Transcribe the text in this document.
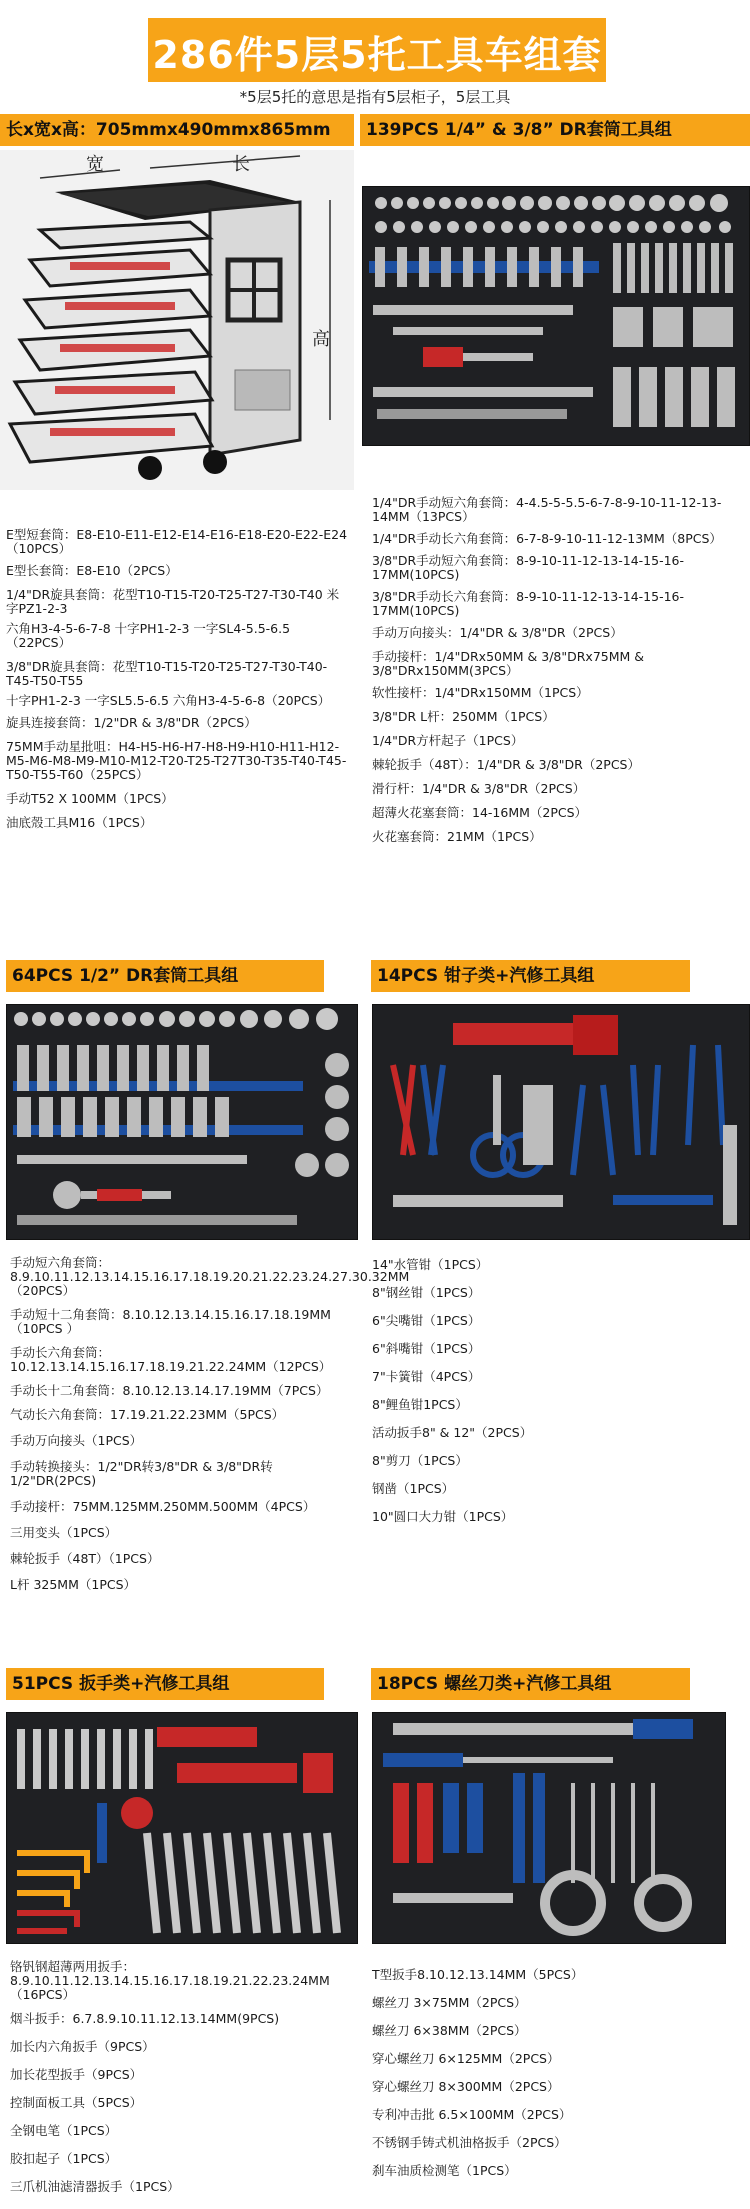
286件5层5托工具车组套
*5层5托的意思是指有5层柜子，5层工具
长x宽x高：705mmx490mmx865mm
宽	长
高
139PCS 1/4” & 3/8” DR套筒工具组
E型短套筒：E8-E10-E11-E12-E14-E16-E18-E20-E22-E24（10PCS）
E型长套筒：E8-E10（2PCS）
1/4"DR旋具套筒：花型T10-T15-T20-T25-T27-T30-T40 米字PZ1-2-3
六角H3-4-5-6-7-8 十字PH1-2-3 一字SL4-5.5-6.5 （22PCS）
3/8"DR旋具套筒：花型T10-T15-T20-T25-T27-T30-T40-T45-T50-T55
十字PH1-2-3 一字SL5.5-6.5 六角H3-4-5-6-8（20PCS）
旋具连接套筒：1/2"DR & 3/8"DR（2PCS）
75MM手动星批咀：H4-H5-H6-H7-H8-H9-H10-H11-H12-M5-M6-M8-M9-M10-M12-T20-T25-T27T30-T35-T40-T45-T50-T55-T60（25PCS）
手动T52 X 100MM（1PCS）
油底殼工具M16（1PCS）
1/4"DR手动短六角套筒：4-4.5-5-5.5-6-7-8-9-10-11-12-13-14MM（13PCS）
1/4"DR手动长六角套筒：6-7-8-9-10-11-12-13MM（8PCS）
3/8"DR手动短六角套筒：8-9-10-11-12-13-14-15-16-17MM(10PCS)
3/8"DR手动长六角套筒：8-9-10-11-12-13-14-15-16-17MM(10PCS)
手动万向接头：1/4"DR & 3/8"DR（2PCS）
手动接杆：1/4"DRx50MM & 3/8"DRx75MM & 3/8"DRx150MM(3PCS）
软性接杆：1/4"DRx150MM（1PCS）
3/8"DR L杆：250MM（1PCS）
1/4"DR方杆起子（1PCS）
棘轮扳手（48T）：1/4"DR & 3/8"DR（2PCS）
滑行杆：1/4"DR & 3/8"DR（2PCS）
超薄火花塞套筒：14-16MM（2PCS）
火花塞套筒：21MM（1PCS）
64PCS 1/2” DR套筒工具组	14PCS 钳子类+汽修工具组
手动短六角套筒：8.9.10.11.12.13.14.15.16.17.18.19.20.21.22.23.24.27.30.32MM（20PCS）
手动短十二角套筒：8.10.12.13.14.15.16.17.18.19MM（10PCS ）
手动长六角套筒：10.12.13.14.15.16.17.18.19.21.22.24MM（12PCS）
手动长十二角套筒：8.10.12.13.14.17.19MM（7PCS）
气动长六角套筒：17.19.21.22.23MM（5PCS）
手动万向接头（1PCS）
手动转换接头：1/2"DR转3/8"DR & 3/8"DR转1/2"DR(2PCS)
手动接杆：75MM.125MM.250MM.500MM（4PCS）
三用变头（1PCS）
棘轮扳手（48T）（1PCS）
L杆 325MM（1PCS）
14"水管钳（1PCS）
8"钢丝钳（1PCS）
6"尖嘴钳（1PCS）
6"斜嘴钳（1PCS）
7"卡簧钳（4PCS）
8"鲤鱼钳1PCS）
活动扳手8" & 12"（2PCS）
8"剪刀（1PCS）
钢凿（1PCS）
10"圆口大力钳（1PCS）
51PCS 扳手类+汽修工具组	18PCS 螺丝刀类+汽修工具组
铬钒钢超薄两用扳手：8.9.10.11.12.13.14.15.16.17.18.19.21.22.23.24MM（16PCS）
烟斗扳手：6.7.8.9.10.11.12.13.14MM(9PCS)
加长内六角扳手（9PCS）
加长花型扳手（9PCS）
控制面板工具（5PCS）
全钢电笔（1PCS）
胶扣起子（1PCS）
三爪机油滤清器扳手（1PCS）
T型扳手8.10.12.13.14MM（5PCS）
螺丝刀 3×75MM（2PCS）
螺丝刀 6×38MM（2PCS）
穿心螺丝刀 6×125MM（2PCS）
穿心螺丝刀 8×300MM（2PCS）
专利冲击批 6.5×100MM（2PCS）
不锈钢手铸式机油格扳手（2PCS）
刹车油质检测笔（1PCS）
